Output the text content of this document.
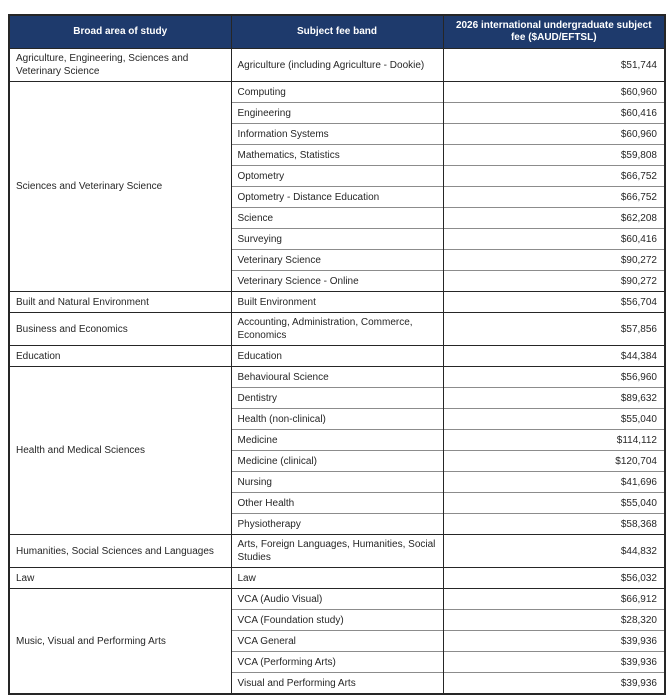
Broad area of study	Subject fee band	2026 international undergraduate subject fee ($AUD/EFTSL)
Agriculture, Engineering, Sciences and Veterinary Science	Agriculture (including Agriculture - Dookie)	$51,744
Sciences and Veterinary Science	Computing	$60,960
	Engineering	$60,416
	Information Systems	$60,960
	Mathematics, Statistics	$59,808
	Optometry	$66,752
	Optometry - Distance Education	$66,752
	Science	$62,208
	Surveying	$60,416
	Veterinary Science	$90,272
	Veterinary Science - Online	$90,272
Built and Natural Environment	Built Environment	$56,704
Business and Economics	Accounting, Administration, Commerce, Economics	$57,856
Education	Education	$44,384
Health and Medical Sciences	Behavioural Science	$56,960
	Dentistry	$89,632
	Health (non-clinical)	$55,040
	Medicine	$114,112
	Medicine (clinical)	$120,704
	Nursing	$41,696
	Other Health	$55,040
	Physiotherapy	$58,368
Humanities, Social Sciences and Languages	Arts, Foreign Languages, Humanities, Social Studies	$44,832
Law	Law	$56,032
Music, Visual and Performing Arts	VCA (Audio Visual)	$66,912
	VCA (Foundation study)	$28,320
	VCA General	$39,936
	VCA (Performing Arts)	$39,936
	Visual and Performing Arts	$39,936
